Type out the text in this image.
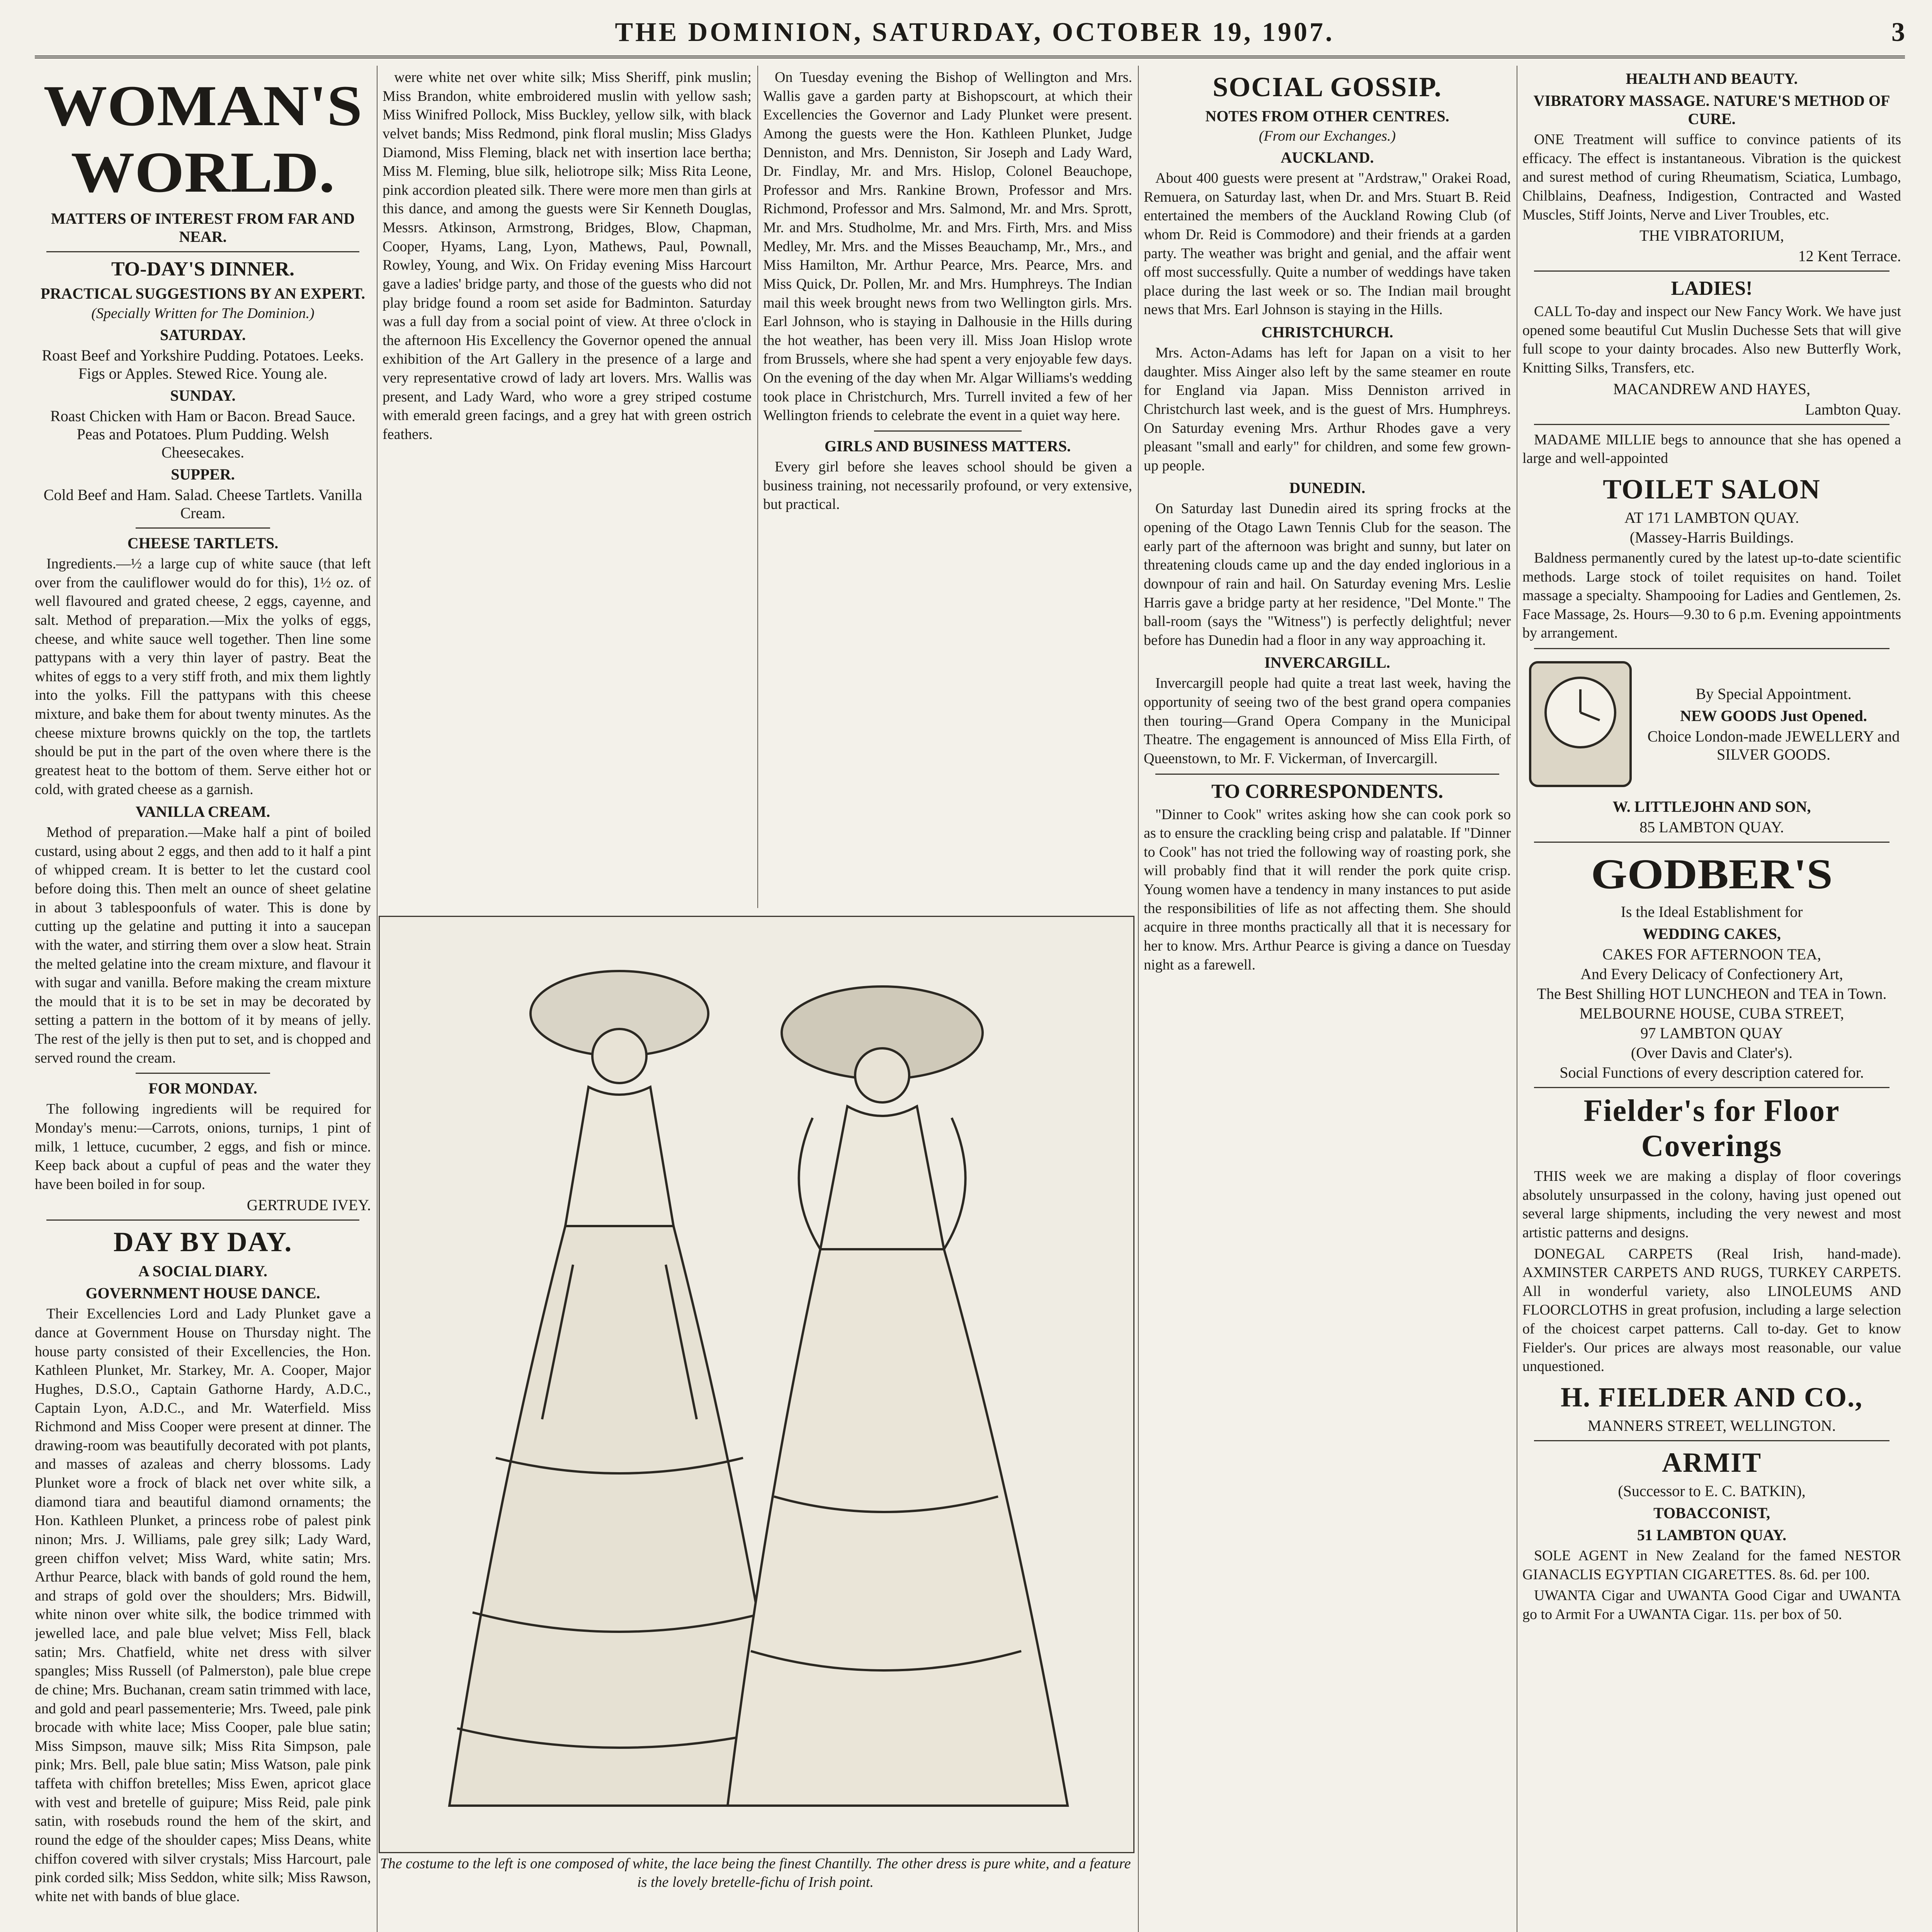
THE DOMINION, SATURDAY, OCTOBER 19, 1907.	3
WOMAN'S WORLD.
MATTERS OF INTEREST FROM FAR AND NEAR.
TO-DAY'S DINNER.
PRACTICAL SUGGESTIONS BY AN EXPERT.
(Specially Written for The Dominion.)
SATURDAY.
Roast Beef and Yorkshire Pudding. Potatoes. Leeks. Figs or Apples. Stewed Rice. Young ale.
SUNDAY.
Roast Chicken with Ham or Bacon. Bread Sauce. Peas and Potatoes. Plum Pudding. Welsh Cheesecakes.
SUPPER.
Cold Beef and Ham. Salad. Cheese Tartlets. Vanilla Cream.
CHEESE TARTLETS.

Ingredients.—½ a large cup of white sauce (that left over from the cauliflower would do for this), 1½ oz. of well flavoured and grated cheese, 2 eggs, cayenne, and salt. Method of preparation.—Mix the yolks of eggs, cheese, and white sauce well together. Then line some pattypans with a very thin layer of pastry. Beat the whites of eggs to a very stiff froth, and mix them lightly into the yolks. Fill the pattypans with this cheese mixture, and bake them for about twenty minutes. As the cheese mixture browns quickly on the top, the tartlets should be put in the part of the oven where there is the greatest heat to the bottom of them. Serve either hot or cold, with grated cheese as a garnish.

VANILLA CREAM.

Method of preparation.—Make half a pint of boiled custard, using about 2 eggs, and then add to it half a pint of whipped cream. It is better to let the custard cool before doing this. Then melt an ounce of sheet gelatine in about 3 tablespoonfuls of water. This is done by cutting up the gelatine and putting it into a saucepan with the water, and stirring them over a slow heat. Strain the melted gelatine into the cream mixture, and flavour it with sugar and vanilla. Before making the cream mixture the mould that it is to be set in may be decorated by setting a pattern in the bottom of it by means of jelly. The rest of the jelly is then put to set, and is chopped and served round the cream.

FOR MONDAY.

The following ingredients will be required for Monday's menu:—Carrots, onions, turnips, 1 pint of milk, 1 lettuce, cucumber, 2 eggs, and fish or mince. Keep back about a cupful of peas and the water they have been boiled in for soup.

GERTRUDE IVEY.
DAY BY DAY.
A SOCIAL DIARY.
GOVERNMENT HOUSE DANCE.

Their Excellencies Lord and Lady Plunket gave a dance at Government House on Thursday night. The house party consisted of their Excellencies, the Hon. Kathleen Plunket, Mr. Starkey, Mr. A. Cooper, Major Hughes, D.S.O., Captain Gathorne Hardy, A.D.C., Captain Lyon, A.D.C., and Mr. Waterfield. Miss Richmond and Miss Cooper were present at dinner. The drawing-room was beautifully decorated with pot plants, and masses of azaleas and cherry blossoms. Lady Plunket wore a frock of black net over white silk, a diamond tiara and beautiful diamond ornaments; the Hon. Kathleen Plunket, a princess robe of palest pink ninon; Mrs. J. Williams, pale grey silk; Lady Ward, green chiffon velvet; Miss Ward, white satin; Mrs. Arthur Pearce, black with bands of gold round the hem, and straps of gold over the shoulders; Mrs. Bidwill, white ninon over white silk, the bodice trimmed with jewelled lace, and pale blue velvet; Miss Fell, black satin; Mrs. Chatfield, white net dress with silver spangles; Miss Russell (of Palmerston), pale blue crepe de chine; Mrs. Buchanan, cream satin trimmed with lace, and gold and pearl passementerie; Mrs. Tweed, pale pink brocade with white lace; Miss Cooper, pale blue satin; Miss Simpson, mauve silk; Miss Rita Simpson, pale pink; Mrs. Bell, pale blue satin; Miss Watson, pale pink taffeta with chiffon bretelles; Miss Ewen, apricot glace with vest and bretelle of guipure; Miss Reid, pale pink satin, with rosebuds round the hem of the skirt, and round the edge of the shoulder capes; Miss Deans, white chiffon covered with silver crystals; Miss Harcourt, pale pink corded silk; Miss Seddon, white silk; Miss Rawson, white net with bands of blue glace.

were white net over white silk; Miss Sheriff, pink muslin; Miss Brandon, white embroidered muslin with yellow sash; Miss Winifred Pollock, Miss Buckley, yellow silk, with black velvet bands; Miss Redmond, pink floral muslin; Miss Gladys Diamond, Miss Fleming, black net with insertion lace bertha; Miss M. Fleming, blue silk, heliotrope silk; Miss Rita Leone, pink accordion pleated silk. There were more men than girls at this dance, and among the guests were Sir Kenneth Douglas, Messrs. Atkinson, Armstrong, Bridges, Blow, Chapman, Cooper, Hyams, Lang, Lyon, Mathews, Paul, Pownall, Rowley, Young, and Wix. On Friday evening Miss Harcourt gave a ladies' bridge party, and those of the guests who did not play bridge found a room set aside for Badminton. Saturday was a full day from a social point of view. At three o'clock in the afternoon His Excellency the Governor opened the annual exhibition of the Art Gallery in the presence of a large and very representative crowd of lady art lovers. Mrs. Wallis was present, and Lady Ward, who wore a grey striped costume with emerald green facings, and a grey hat with green ostrich feathers.

On Tuesday evening the Bishop of Wellington and Mrs. Wallis gave a garden party at Bishopscourt, at which their Excellencies the Governor and Lady Plunket were present. Among the guests were the Hon. Kathleen Plunket, Judge Denniston, and Mrs. Denniston, Sir Joseph and Lady Ward, Dr. Findlay, Mr. and Mrs. Hislop, Colonel Beauchope, Professor and Mrs. Rankine Brown, Professor and Mrs. Richmond, Professor and Mrs. Salmond, Mr. and Mrs. Sprott, Mr. and Mrs. Studholme, Mr. and Mrs. Firth, Mrs. and Miss Medley, Mr. Mrs. and the Misses Beauchamp, Mr., Mrs., and Miss Hamilton, Mr. Arthur Pearce, Mrs. Pearce, Mrs. and Miss Quick, Dr. Pollen, Mr. and Mrs. Humphreys. The Indian mail this week brought news from two Wellington girls. Mrs. Earl Johnson, who is staying in Dalhousie in the Hills during the hot weather, has been very ill. Miss Joan Hislop wrote from Brussels, where she had spent a very enjoyable few days. On the evening of the day when Mr. Algar Williams's wedding took place in Christchurch, Mrs. Turrell invited a few of her Wellington friends to celebrate the event in a quiet way here.

GIRLS AND BUSINESS MATTERS.

Every girl before she leaves school should be given a business training, not necessarily profound, or very extensive, but practical.

The costume to the left is one composed of white, the lace being the finest Chantilly. The other dress is pure white, and a feature is the lovely bretelle-fichu of Irish point.

SOCIAL GOSSIP.
NOTES FROM OTHER CENTRES.
(From our Exchanges.)
AUCKLAND.

About 400 guests were present at "Ardstraw," Orakei Road, Remuera, on Saturday last, when Dr. and Mrs. Stuart B. Reid entertained the members of the Auckland Rowing Club (of whom Dr. Reid is Commodore) and their friends at a garden party. The weather was bright and genial, and the affair went off most successfully. Quite a number of weddings have taken place during the last week or so. The Indian mail brought news that Mrs. Earl Johnson is staying in the Hills.

CHRISTCHURCH.

Mrs. Acton-Adams has left for Japan on a visit to her daughter. Miss Ainger also left by the same steamer en route for England via Japan. Miss Denniston arrived in Christchurch last week, and is the guest of Mrs. Humphreys. On Saturday evening Mrs. Arthur Rhodes gave a very pleasant "small and early" for children, and some few grown-up people.

DUNEDIN.

On Saturday last Dunedin aired its spring frocks at the opening of the Otago Lawn Tennis Club for the season. The early part of the afternoon was bright and sunny, but later on threatening clouds came up and the day ended inglorious in a downpour of rain and hail. On Saturday evening Mrs. Leslie Harris gave a bridge party at her residence, "Del Monte." The ball-room (says the "Witness") is perfectly delightful; never before has Dunedin had a floor in any way approaching it.

INVERCARGILL.

Invercargill people had quite a treat last week, having the opportunity of seeing two of the best grand opera companies then touring—Grand Opera Company in the Municipal Theatre. The engagement is announced of Miss Ella Firth, of Queenstown, to Mr. F. Vickerman, of Invercargill.

TO CORRESPONDENTS.

"Dinner to Cook" writes asking how she can cook pork so as to ensure the crackling being crisp and palatable. If "Dinner to Cook" has not tried the following way of roasting pork, she will probably find that it will render the pork quite crisp. Young women have a tendency in many instances to put aside the responsibilities of life as not affecting them. She should acquire in three months practically all that it is necessary for her to know. Mrs. Arthur Pearce is giving a dance on Tuesday night as a farewell.

HEALTH AND BEAUTY.
VIBRATORY MASSAGE. NATURE'S METHOD OF CURE.

ONE Treatment will suffice to convince patients of its efficacy. The effect is instantaneous. Vibration is the quickest and surest method of curing Rheumatism, Sciatica, Lumbago, Chilblains, Deafness, Indigestion, Contracted and Wasted Muscles, Stiff Joints, Nerve and Liver Troubles, etc.

THE VIBRATORIUM,
12 Kent Terrace.
LADIES!

CALL To-day and inspect our New Fancy Work. We have just opened some beautiful Cut Muslin Duchesse Sets that will give full scope to your dainty brocades. Also new Butterfly Work, Knitting Silks, Transfers, etc.

MACANDREW AND HAYES,
Lambton Quay.

MADAME MILLIE begs to announce that she has opened a large and well-appointed

TOILET SALON
AT 171 LAMBTON QUAY.
(Massey-Harris Buildings.

Baldness permanently cured by the latest up-to-date scientific methods. Large stock of toilet requisites on hand. Toilet massage a specialty. Shampooing for Ladies and Gentlemen, 2s. Face Massage, 2s. Hours—9.30 to 6 p.m. Evening appointments by arrangement.

By Special Appointment.
NEW GOODS Just Opened.
Choice London-made JEWELLERY and SILVER GOODS.
W. LITTLEJOHN AND SON,
85 LAMBTON QUAY.
GODBER'S
Is the Ideal Establishment for
WEDDING CAKES,
CAKES FOR AFTERNOON TEA,
And Every Delicacy of Confectionery Art,
The Best Shilling HOT LUNCHEON and TEA in Town.
MELBOURNE HOUSE, CUBA STREET,
97 LAMBTON QUAY
(Over Davis and Clater's).
Social Functions of every description catered for.
Fielder's for Floor Coverings

THIS week we are making a display of floor coverings absolutely unsurpassed in the colony, having just opened out several large shipments, including the very newest and most artistic patterns and designs.

DONEGAL CARPETS (Real Irish, hand-made). AXMINSTER CARPETS AND RUGS, TURKEY CARPETS. All in wonderful variety, also LINOLEUMS AND FLOORCLOTHS in great profusion, including a large selection of the choicest carpet patterns. Call to-day. Get to know Fielder's. Our prices are always most reasonable, our value unquestioned.

H. FIELDER AND CO.,
MANNERS STREET, WELLINGTON.
ARMIT
(Successor to E. C. BATKIN),
TOBACCONIST,
51 LAMBTON QUAY.

SOLE AGENT in New Zealand for the famed NESTOR GIANACLIS EGYPTIAN CIGARETTES. 8s. 6d. per 100.

UWANTA Cigar and UWANTA Good Cigar and UWANTA go to Armit For a UWANTA Cigar. 11s. per box of 50.
